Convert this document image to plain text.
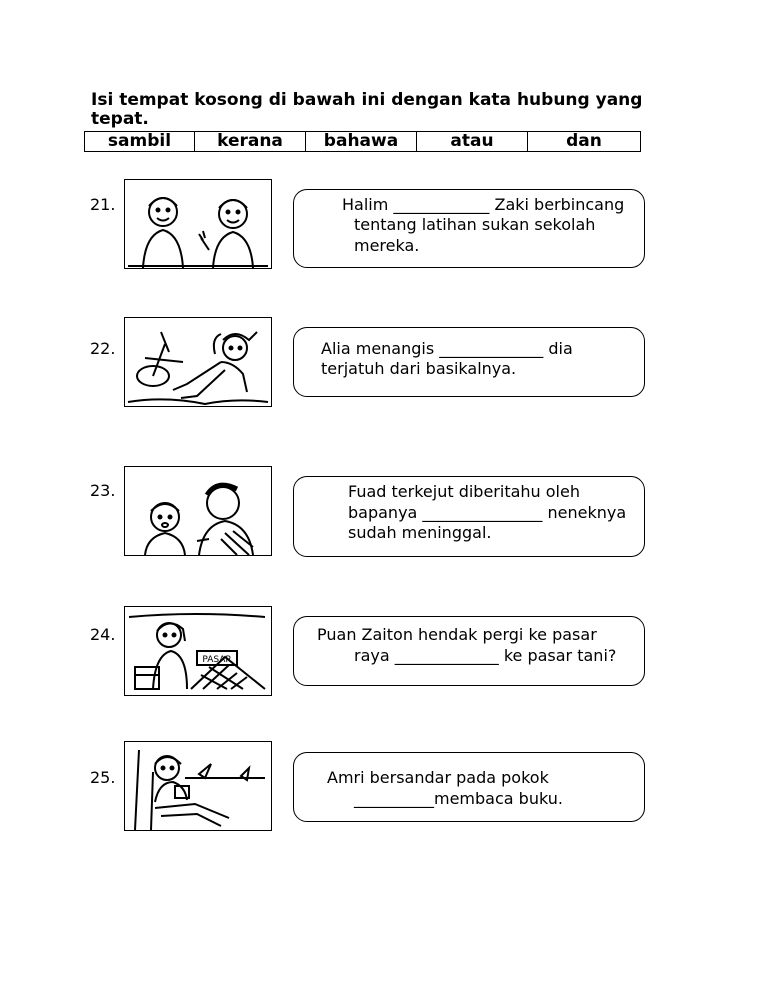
Isi tempat kosong di bawah ini dengan kata hubung yang tepat.
sambil	kerana	bahawa	atau	dan
21.	Halim ____________ Zaki berbincang
tentang latihan sukan sekolah
mereka.
22.	Alia menangis _____________ dia
terjatuh dari basikalnya.
23.	Fuad terkejut diberitahu oleh
bapanya _______________ neneknya
sudah meninggal.
24.
PASAR
Puan Zaiton hendak pergi ke pasar
raya _____________ ke pasar tani?
25.	Amri bersandar pada pokok
__________membaca buku.
